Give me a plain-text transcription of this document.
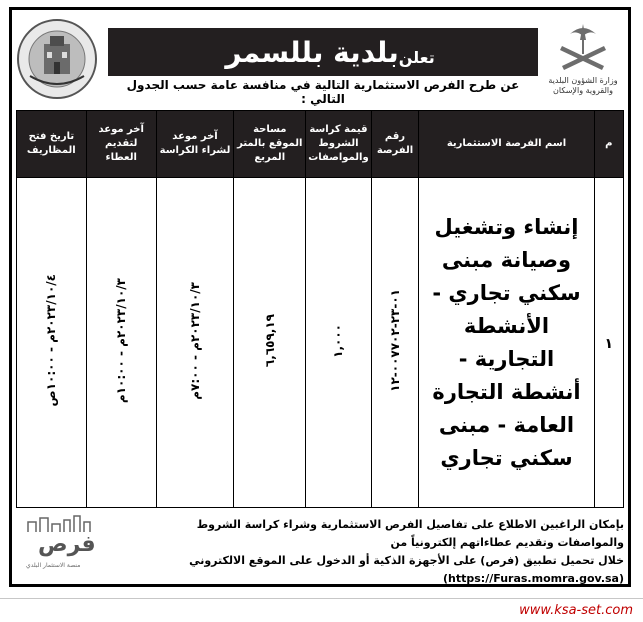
تعلن
بلدية بللسمر
عن طرح الفرص الاستثمارية التالية في منافسة عامة حسب الجدول التالي :
وزارة الشؤون البلدية والقروية والإسكان
م	اسم الفرصة الاستثمارية	رقم الفرصة	قيمة كراسة الشروط والمواصفات	مساحة الموقع بالمتر المربع	آخر موعد لشراء الكراسة	آخر موعد لتقديم العطاء	تاريخ فتح المظاريف
١	إنشاء وتشغيل وصيانة مبنى سكني تجاري - الأنشطة التجارية - أنشطة التجارة العامة - مبنى سكني تجاري	٠١-٢٣-٠٠٧٧٠٢-١٢	١,٠٠٠	٦,٦٥٩,١٩	٢٠٢٣/١٠/٣م - ٧:٠٠م	٢٠٢٣/١٠/٣م - ١٠:٠٠م	٢٠٢٣/١٠/٤م - ١٠:٠٠ص
فرص
منصة الاستثمار البلدي
بإمكان الراغبين الاطلاع على تفاصيل الفرص الاستثمارية وشراء كراسة الشروط والمواصفات وتقديم عطاءاتهم إلكترونياً من
خلال تحميل تطبيق (فرص) على الأجهزة الذكية أو الدخول على الموقع الالكتروني (https://Furas.momra.gov.sa)
www.ksa-set.com
